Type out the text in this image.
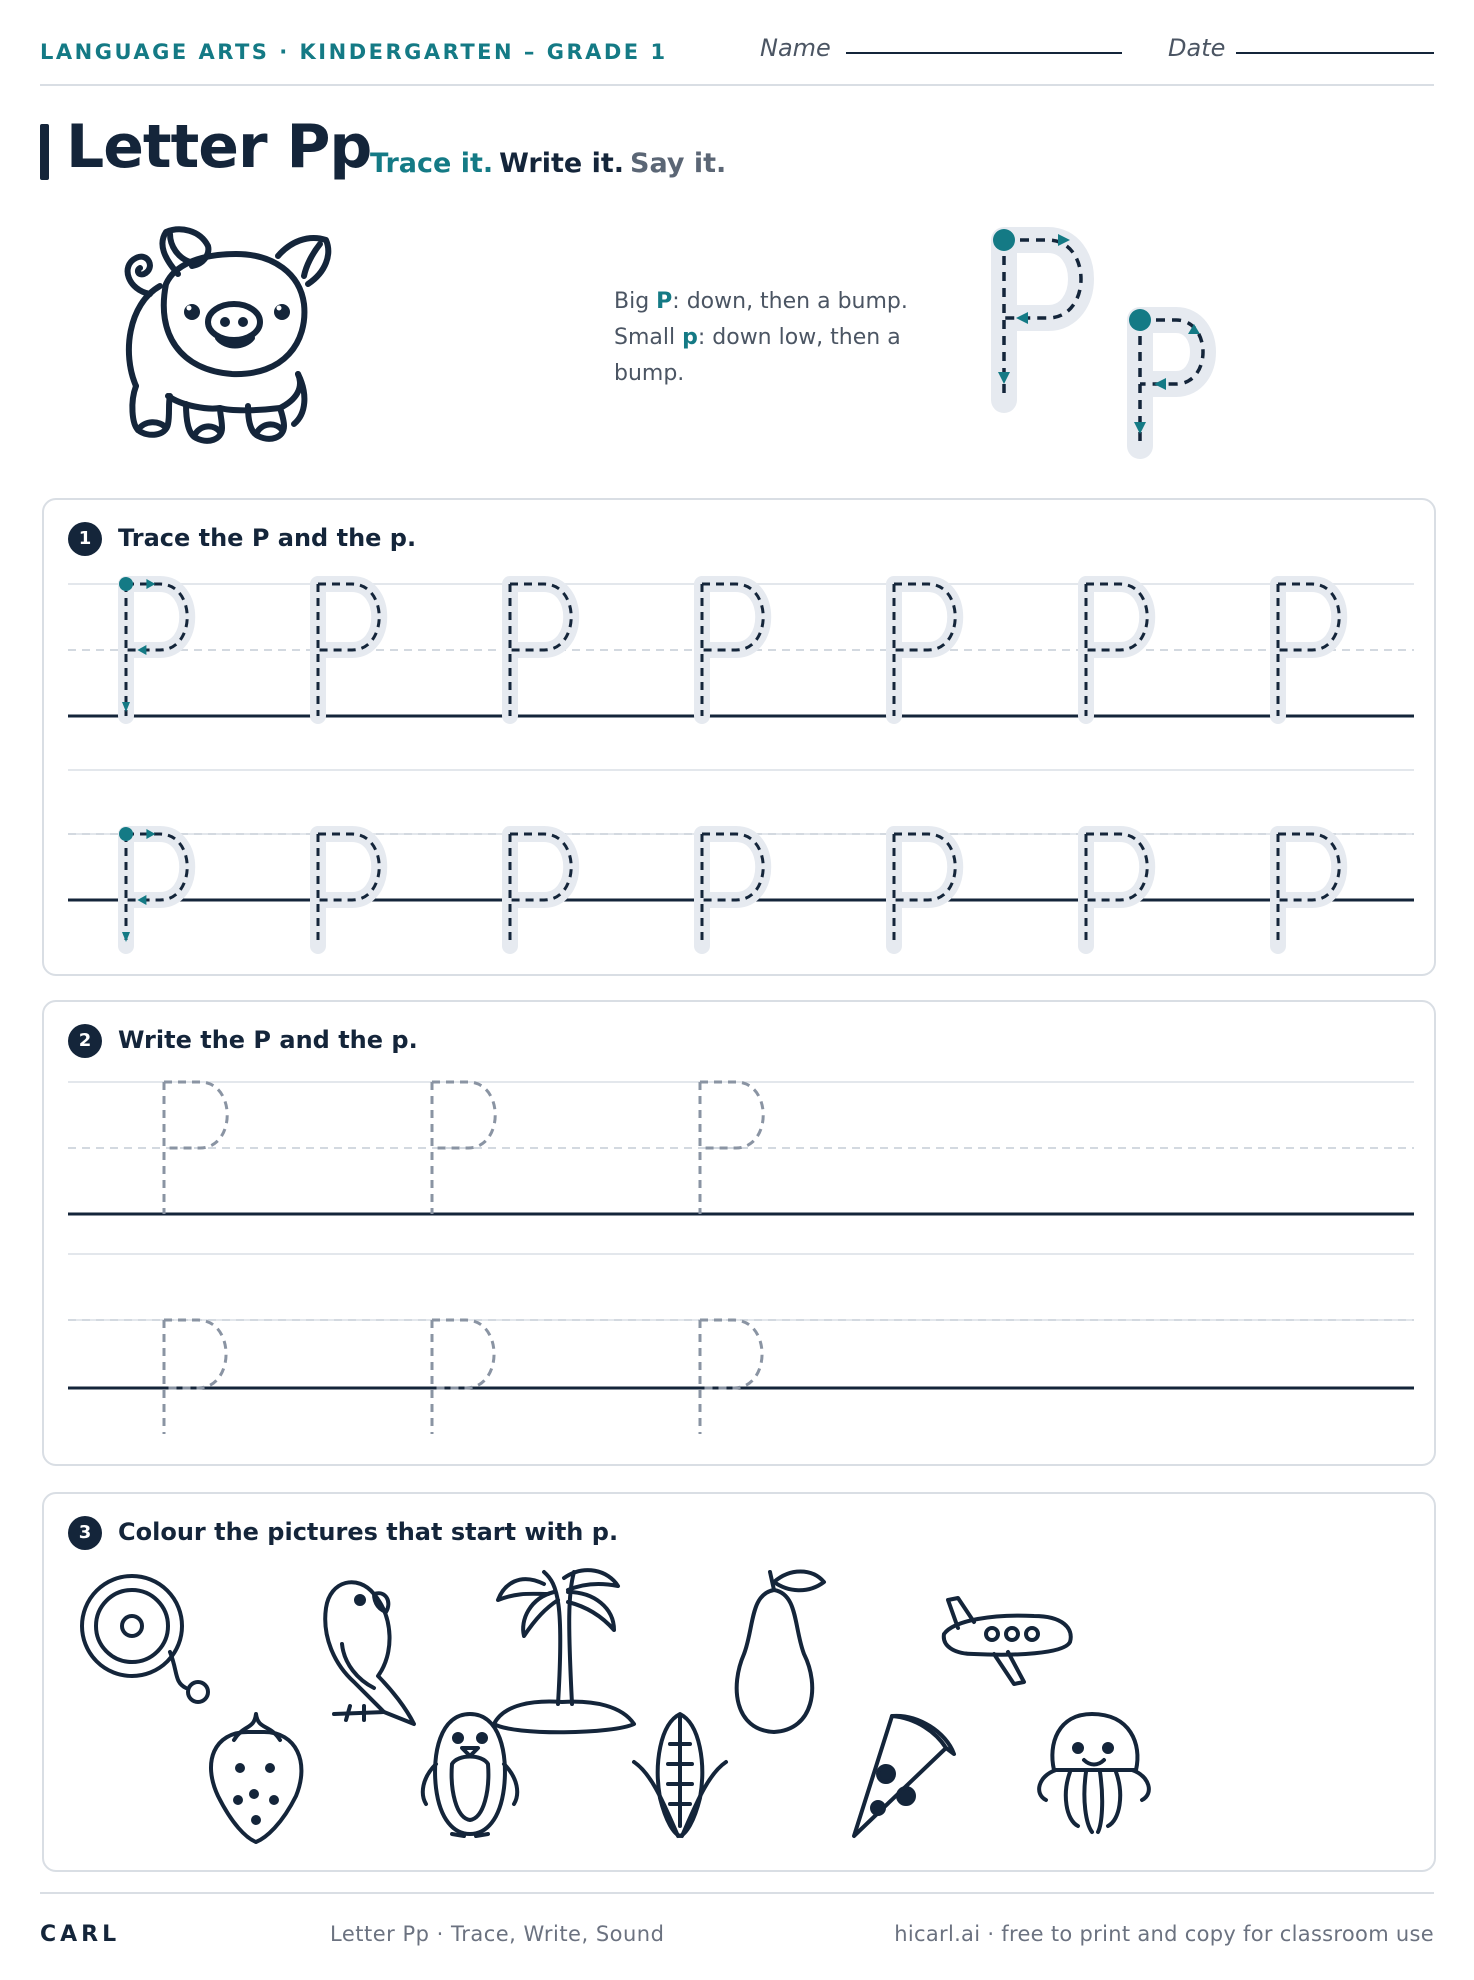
LANGUAGE ARTS · KINDERGARTEN – GRADE 1	Name	Date
Letter Pp
Trace it. Write it. Say it.
Big P: down, then a bump.
Small p: down low, then a bump.
1	Trace the P and the p.
2	Write the P and the p.
3	Colour the pictures that start with p.
CARL	Letter Pp · Trace, Write, Sound	hicarl.ai · free to print and copy for classroom use
